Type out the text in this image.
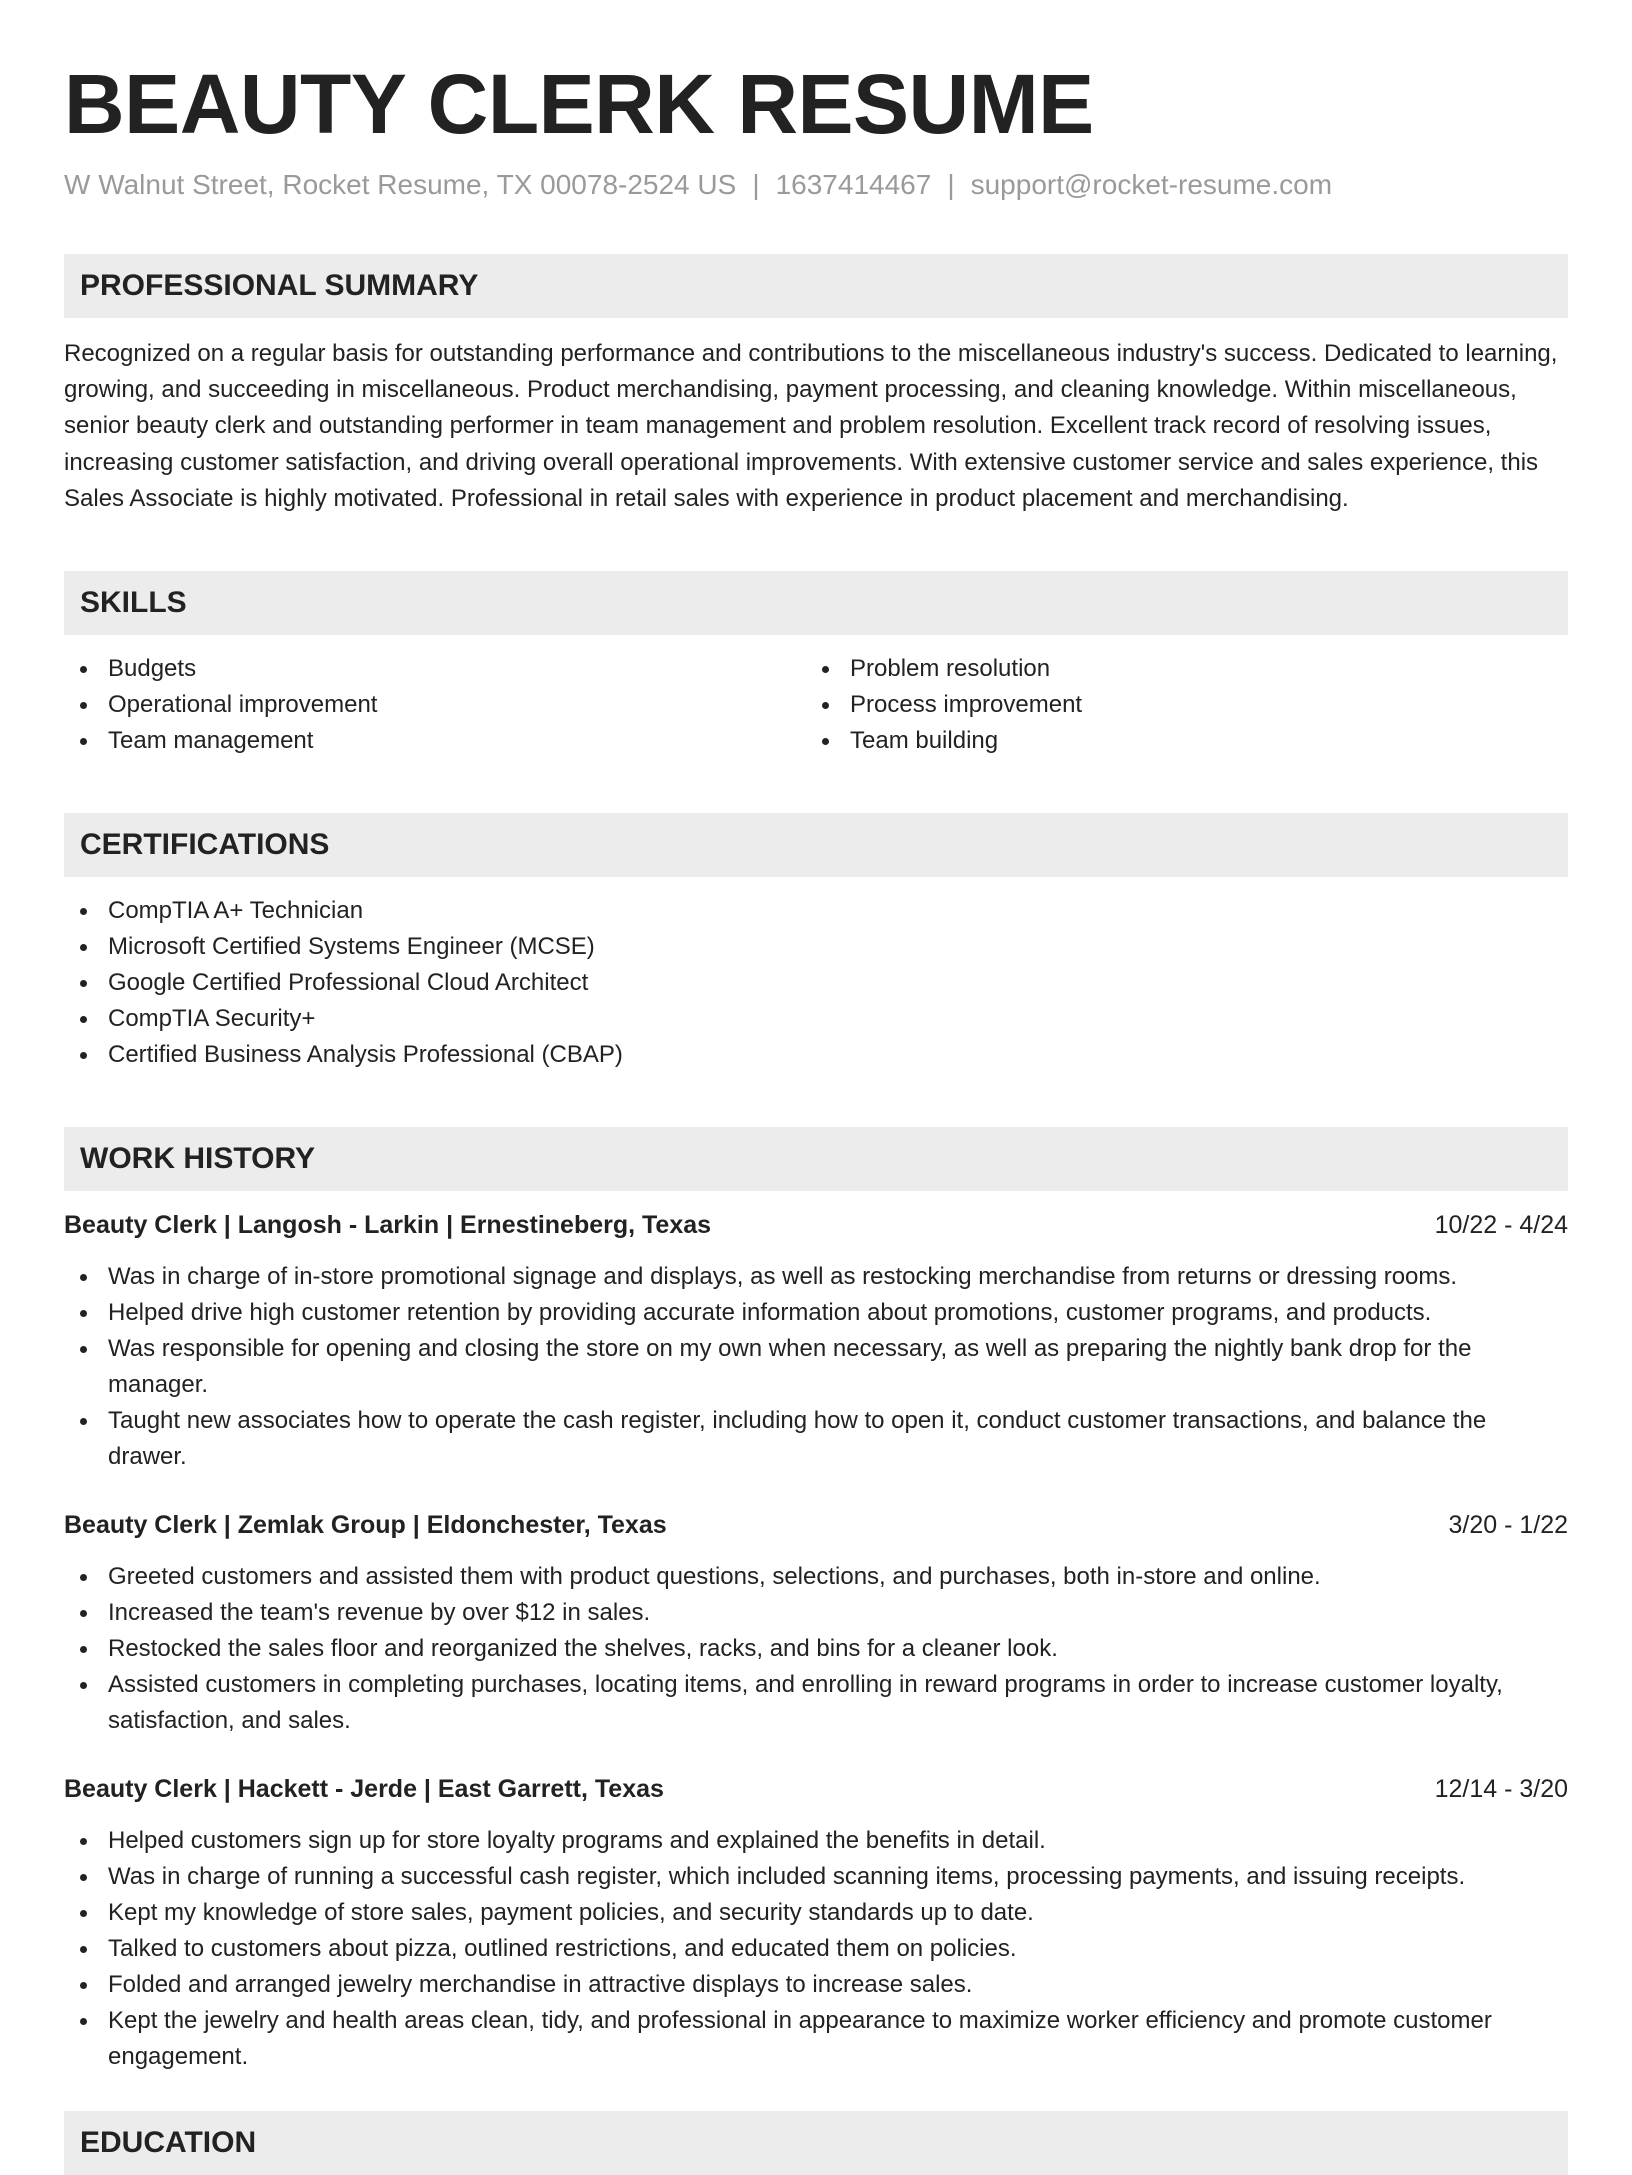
BEAUTY CLERK RESUME
W Walnut Street, Rocket Resume, TX 00078-2524 US | 1637414467 | support@rocket-resume.com
PROFESSIONAL SUMMARY

Recognized on a regular basis for outstanding performance and contributions to the miscellaneous industry's success. Dedicated to learning, growing, and succeeding in miscellaneous. Product merchandising, payment processing, and cleaning knowledge. Within miscellaneous, senior beauty clerk and outstanding performer in team management and problem resolution. Excellent track record of resolving issues, increasing customer satisfaction, and driving overall operational improvements. With extensive customer service and sales experience, this Sales Associate is highly motivated. Professional in retail sales with experience in product placement and merchandising.

SKILLS
Budgets
Operational improvement
Team management
Problem resolution
Process improvement
Team building
CERTIFICATIONS
CompTIA A+ Technician
Microsoft Certified Systems Engineer (MCSE)
Google Certified Professional Cloud Architect
CompTIA Security+
Certified Business Analysis Professional (CBAP)
WORK HISTORY
Beauty Clerk | Langosh - Larkin | Ernestineberg, Texas	10/22 - 4/24
Was in charge of in-store promotional signage and displays, as well as restocking merchandise from returns or dressing rooms.
Helped drive high customer retention by providing accurate information about promotions, customer programs, and products.
Was responsible for opening and closing the store on my own when necessary, as well as preparing the nightly bank drop for the manager.
Taught new associates how to operate the cash register, including how to open it, conduct customer transactions, and balance the drawer.
Beauty Clerk | Zemlak Group | Eldonchester, Texas	3/20 - 1/22
Greeted customers and assisted them with product questions, selections, and purchases, both in-store and online.
Increased the team's revenue by over $12 in sales.
Restocked the sales floor and reorganized the shelves, racks, and bins for a cleaner look.
Assisted customers in completing purchases, locating items, and enrolling in reward programs in order to increase customer loyalty, satisfaction, and sales.
Beauty Clerk | Hackett - Jerde | East Garrett, Texas	12/14 - 3/20
Helped customers sign up for store loyalty programs and explained the benefits in detail.
Was in charge of running a successful cash register, which included scanning items, processing payments, and issuing receipts.
Kept my knowledge of store sales, payment policies, and security standards up to date.
Talked to customers about pizza, outlined restrictions, and educated them on policies.
Folded and arranged jewelry merchandise in attractive displays to increase sales.
Kept the jewelry and health areas clean, tidy, and professional in appearance to maximize worker efficiency and promote customer engagement.
EDUCATION
